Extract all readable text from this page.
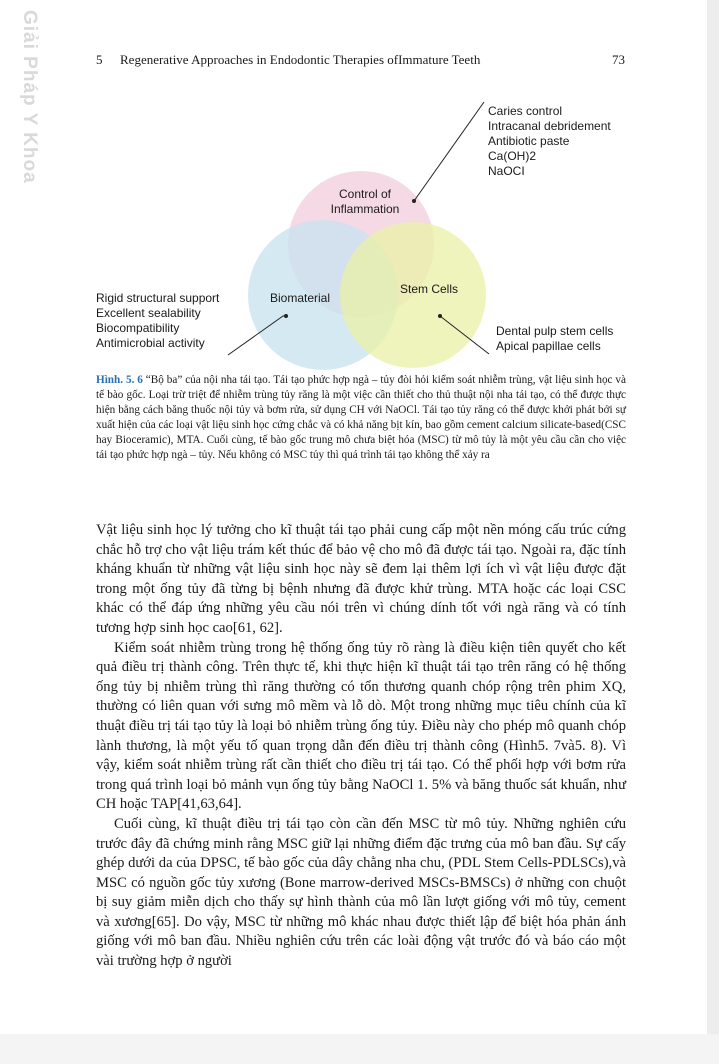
Giải Pháp Y Khoa	5 Regenerative Approaches in Endodontic Therapies ofImmature Teeth	73
Control of
Inflammation
Biomaterial
Stem Cells
Caries control
Intracanal debridement
Antibiotic paste
Ca(OH)2
NaOCI
Rigid structural support
Excellent sealability
Biocompatibility
Antimicrobial activity
Dental pulp stem cells
Apical papillae cells
Hình. 5. 6 “Bộ ba” của nội nha tái tạo. Tái tạo phức hợp ngà – tủy đòi hỏi kiểm soát nhiễm trùng, vật liệu sinh học và tế bào gốc. Loại trừ triệt để nhiễm trùng tủy răng là một việc cần thiết cho thủ thuật nội nha tái tạo, có thể được thực hiện bằng cách băng thuốc nội tủy và bơm rửa, sử dụng CH với NaOCl. Tái tạo tủy răng có thể được khởi phát bởi sự xuất hiện của các loại vật liệu sinh học cứng chắc và có khả năng bịt kín, bao gồm cement calcium silicate-based(CSC hay Bioceramic), MTA. Cuối cùng, tế bào gốc trung mô chưa biệt hóa (MSC) từ mô tủy là một yêu cầu cần cho việc tái tạo phức hợp ngà – tủy. Nếu không có MSC tủy thì quá trình tái tạo không thể xảy ra

Vật liệu sinh học lý tưởng cho kĩ thuật tái tạo phải cung cấp một nền móng cấu trúc cứng chắc hỗ trợ cho vật liệu trám kết thúc để bảo vệ cho mô đã được tái tạo. Ngoài ra, đặc tính kháng khuẩn từ những vật liệu sinh học này sẽ đem lại thêm lợi ích vì vật liệu được đặt trong một ống tủy đã từng bị bệnh nhưng đã được khử trùng. MTA hoặc các loại CSC khác có thể đáp ứng những yêu cầu nói trên vì chúng dính tốt với ngà răng và có tính tương hợp sinh học cao[61, 62].

Kiểm soát nhiễm trùng trong hệ thống ống tủy rõ ràng là điều kiện tiên quyết cho kết quả điều trị thành công. Trên thực tế, khi thực hiện kĩ thuật tái tạo trên răng có hệ thống ống tủy bị nhiễm trùng thì răng thường có tổn thương quanh chóp rộng trên phim XQ, thường có liên quan với sưng mô mềm và lỗ dò. Một trong những mục tiêu chính của kĩ thuật điều trị tái tạo tủy là loại bỏ nhiễm trùng ống tủy. Điều này cho phép mô quanh chóp lành thương, là một yếu tố quan trọng dẫn đến điều trị thành công (Hình5. 7và5. 8). Vì vậy, kiểm soát nhiễm trùng rất cần thiết cho điều trị tái tạo. Có thể phối hợp với bơm rửa trong quá trình loại bỏ mảnh vụn ống tủy bằng NaOCl 1. 5% và băng thuốc sát khuẩn, như CH hoặc TAP[41,63,64].

Cuối cùng, kĩ thuật điều trị tái tạo còn cần đến MSC từ mô tủy. Những nghiên cứu trước đây đã chứng minh rằng MSC giữ lại những điểm đặc trưng của mô ban đầu. Sự cấy ghép dưới da của DPSC, tế bào gốc của dây chằng nha chu, (PDL Stem Cells-PDLSCs),và MSC có nguồn gốc tủy xương (Bone marrow-derived MSCs-BMSCs) ở những con chuột bị suy giảm miễn dịch cho thấy sự hình thành của mô lần lượt giống với mô tủy, cement và xương[65]. Do vậy, MSC từ những mô khác nhau được thiết lập để biệt hóa phản ánh giống với mô ban đầu. Nhiều nghiên cứu trên các loài động vật trước đó và báo cáo một vài trường hợp ở người
